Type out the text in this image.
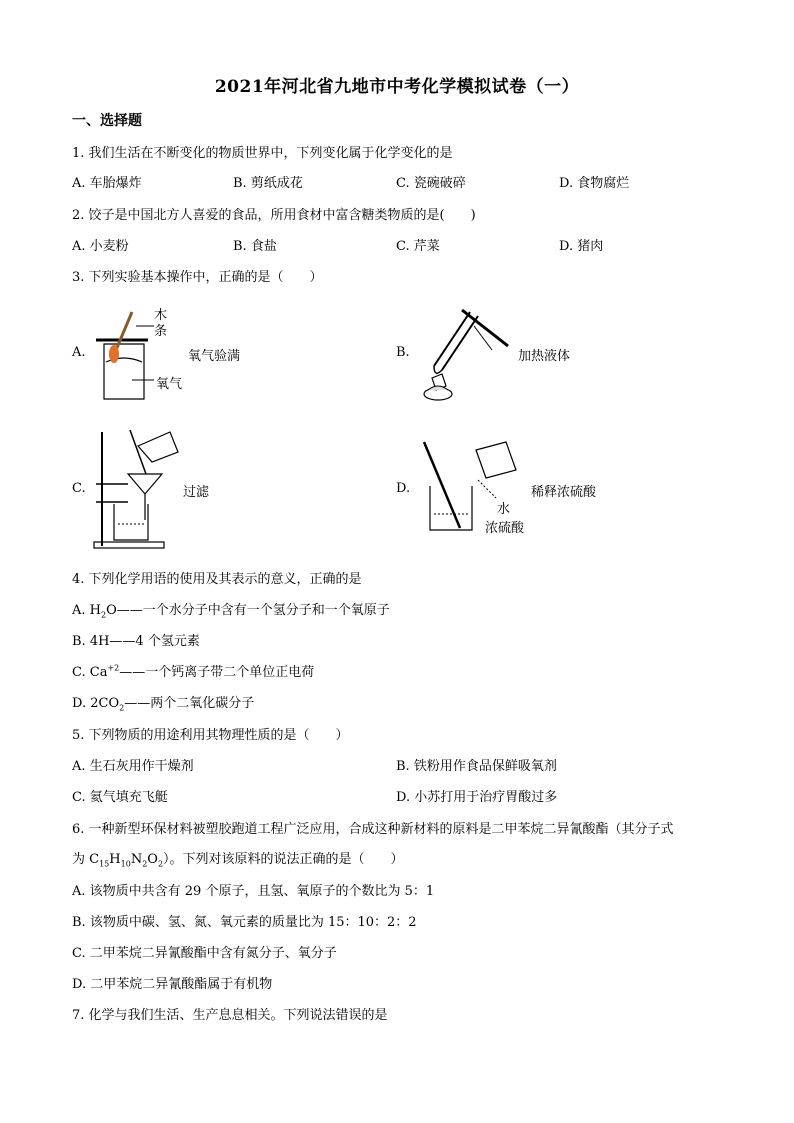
2021年河北省九地市中考化学模拟试卷（一）
一、选择题
1. 我们生活在不断变化的物质世界中，下列变化属于化学变化的是
A. 车胎爆炸	B. 剪纸成花	C. 瓷碗破碎	D. 食物腐烂
2. 饺子是中国北方人喜爱的食品，所用食材中富含糖类物质的是(　　)
A. 小麦粉	B. 食盐	C. 芹菜	D. 猪肉
3. 下列实验基本操作中，正确的是（　　）
A.
木
条
氧气
氧气验满	B.	加热液体
C.	过滤	D.	稀释浓硫酸
水
浓硫酸
4. 下列化学用语的使用及其表示的意义，正确的是
A. $H_2O——$一个水分子中含有一个氢分子和一个氧原子
B. 4H——4 个氢元素
C. $Ca^{+2}——$一个钙离子带二个单位正电荷
D. $2CO_2——$两个二氧化碳分子
5. 下列物质的用途利用其物理性质的是（　　）
A. 生石灰用作干燥剂	B. 铁粉用作食品保鲜吸氧剂
C. 氦气填充飞艇	D. 小苏打用于治疗胃酸过多
6. 一种新型环保材料被塑胶跑道工程广泛应用，合成这种新材料的原料是二甲苯烷二异氰酸酯（其分子式
为 $C_{15}H_{10}N_2O_2$）。下列对该原料的说法正确的是（　　）
A. 该物质中共含有 29 个原子，且氢、氧原子的个数比为 5：1
B. 该物质中碳、氢、氮、氧元素的质量比为 15：10：2：2
C. 二甲苯烷二异氰酸酯中含有氮分子、氧分子
D. 二甲苯烷二异氰酸酯属于有机物
7. 化学与我们生活、生产息息相关。下列说法错误的是
